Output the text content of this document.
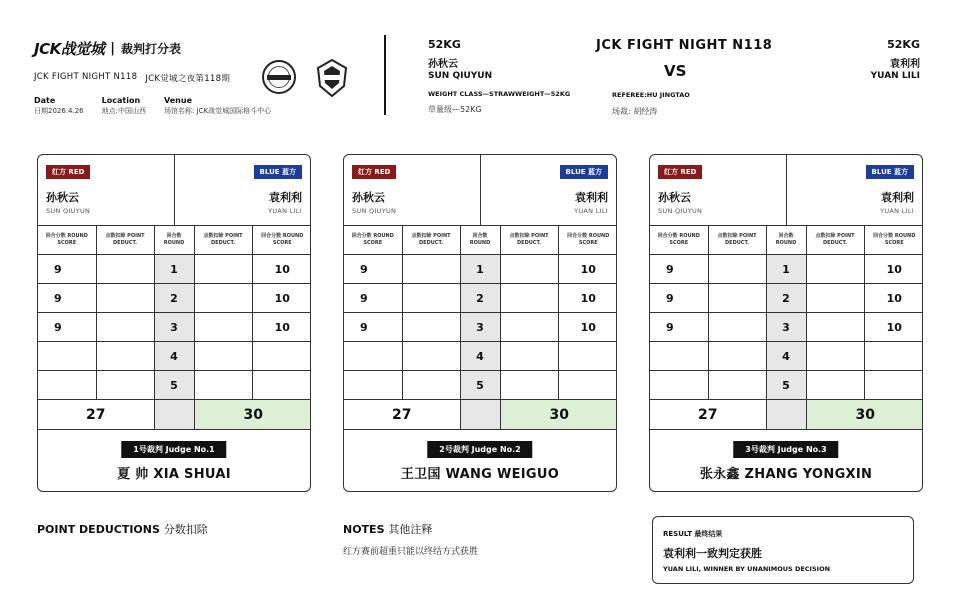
JCK战觉城 | 裁判打分表
JCK FIGHT NIGHT N118 JCK觉城之夜第118期
Date
日期2026.4.26
Location
地点:中国山西
Venue
场馆名称: JCK战觉城国际格斗中心
52KG
孙秋云
SUN QIUYUN
WEIGHT CLASS—STRAWWEIGHT—52KG
草量级—52KG
JCK FIGHT NIGHT N118
VS
REFEREE:HU JINGTAO
场裁: 胡经涛
52KG
袁利利
YUAN LILI
红方 RED	BLUE 蓝方
孙秋云
SUN QIUYUN
袁利利
YUAN LILI
回合分数 ROUND SCORE	点数扣除 POINT DEDUCT.	回合数 ROUND	点数扣除 POINT DEDUCT.	回合分数 ROUND SCORE
9		1		10
9		2		10
9		3		10
		4		
		5		
27			30	
1号裁判 Judge No.1
夏 帅 XIA SHUAI
红方 RED	BLUE 蓝方
孙秋云
SUN QIUYUN
袁利利
YUAN LILI
回合分数 ROUND SCORE	点数扣除 POINT DEDUCT.	回合数 ROUND	点数扣除 POINT DEDUCT.	回合分数 ROUND SCORE
9		1		10
9		2		10
9		3		10
		4		
		5		
27			30	
2号裁判 Judge No.2
王卫国 WANG WEIGUO
红方 RED	BLUE 蓝方
孙秋云
SUN QIUYUN
袁利利
YUAN LILI
回合分数 ROUND SCORE	点数扣除 POINT DEDUCT.	回合数 ROUND	点数扣除 POINT DEDUCT.	回合分数 ROUND SCORE
9		1		10
9		2		10
9		3		10
		4		
		5		
27			30	
3号裁判 Judge No.3
张永鑫 ZHANG YONGXIN
POINT DEDUCTIONS 分数扣除	NOTES 其他注释
红方赛前超重只能以终结方式获胜
RESULT 最终结果
袁利利一致判定获胜
YUAN LILI, WINNER BY UNANIMOUS DECISION
